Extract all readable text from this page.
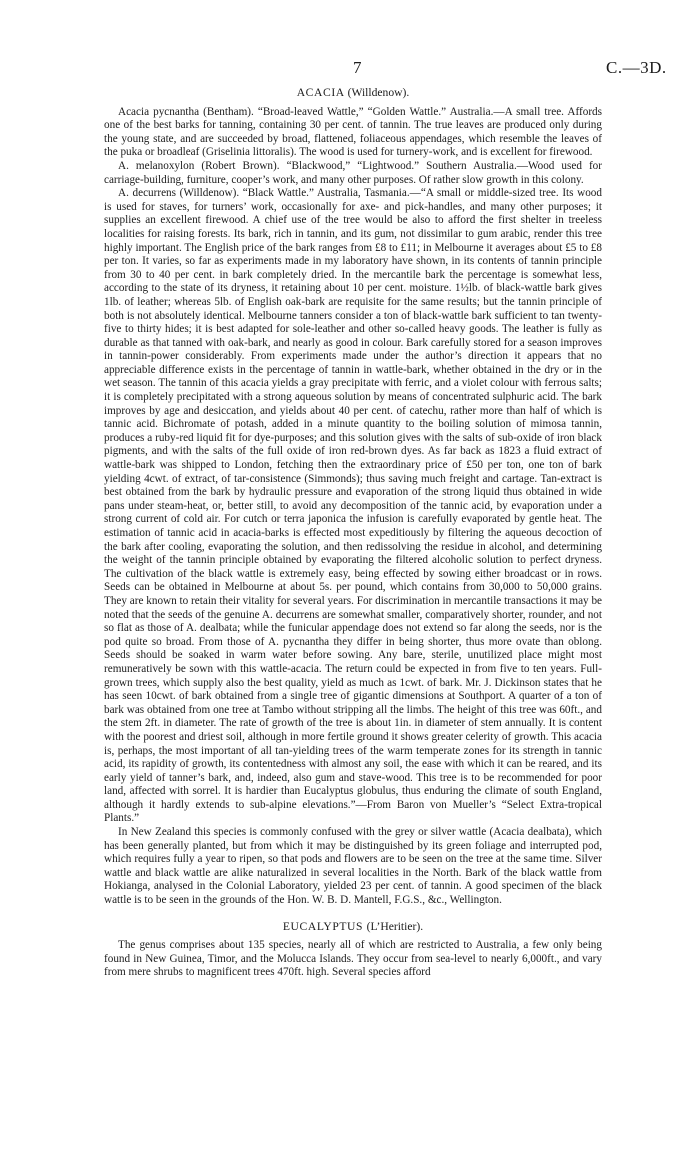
7	C.—3D.
ACACIA (Willdenow).

Acacia pycnantha (Bentham). “Broad-leaved Wattle,” “Golden Wattle.” Australia.—A small tree. Affords one of the best barks for tanning, containing 30 per cent. of tannin. The true leaves are produced only during the young state, and are succeeded by broad, flattened, foliaceous appendages, which resemble the leaves of the puka or broadleaf (Griselinia littoralis). The wood is used for turnery-work, and is excellent for firewood.

A. melanoxylon (Robert Brown). “Blackwood,” “Lightwood.” Southern Australia.—Wood used for carriage-building, furniture, cooper’s work, and many other purposes. Of rather slow growth in this colony.

A. decurrens (Willdenow). “Black Wattle.” Australia, Tasmania.—“A small or middle-sized tree. Its wood is used for staves, for turners’ work, occasionally for axe- and pick-handles, and many other purposes; it supplies an excellent firewood. A chief use of the tree would be also to afford the first shelter in treeless localities for raising forests. Its bark, rich in tannin, and its gum, not dissimilar to gum arabic, render this tree highly important. The English price of the bark ranges from £8 to £11; in Melbourne it averages about £5 to £8 per ton. It varies, so far as experiments made in my laboratory have shown, in its contents of tannin principle from 30 to 40 per cent. in bark completely dried. In the mercantile bark the percentage is somewhat less, according to the state of its dryness, it retaining about 10 per cent. moisture. 1½lb. of black-wattle bark gives 1lb. of leather; whereas 5lb. of English oak-bark are requisite for the same results; but the tannin principle of both is not absolutely identical. Melbourne tanners consider a ton of black-wattle bark sufficient to tan twenty-five to thirty hides; it is best adapted for sole-leather and other so-called heavy goods. The leather is fully as durable as that tanned with oak-bark, and nearly as good in colour. Bark carefully stored for a season improves in tannin-power considerably. From experiments made under the author’s direction it appears that no appreciable difference exists in the percentage of tannin in wattle-bark, whether obtained in the dry or in the wet season. The tannin of this acacia yields a gray precipitate with ferric, and a violet colour with ferrous salts; it is completely precipitated with a strong aqueous solution by means of concentrated sulphuric acid. The bark improves by age and desiccation, and yields about 40 per cent. of catechu, rather more than half of which is tannic acid. Bichromate of potash, added in a minute quantity to the boiling solution of mimosa tannin, produces a ruby-red liquid fit for dye-purposes; and this solution gives with the salts of sub-oxide of iron black pigments, and with the salts of the full oxide of iron red-brown dyes. As far back as 1823 a fluid extract of wattle-bark was shipped to London, fetching then the extraordinary price of £50 per ton, one ton of bark yielding 4cwt. of extract, of tar-consistence (Simmonds); thus saving much freight and cartage. Tan-extract is best obtained from the bark by hydraulic pressure and evaporation of the strong liquid thus obtained in wide pans under steam-heat, or, better still, to avoid any decomposition of the tannic acid, by evaporation under a strong current of cold air. For cutch or terra japonica the infusion is carefully evaporated by gentle heat. The estimation of tannic acid in acacia-barks is effected most expeditiously by filtering the aqueous decoction of the bark after cooling, evaporating the solution, and then redissolving the residue in alcohol, and determining the weight of the tannin principle obtained by evaporating the filtered alcoholic solution to perfect dryness. The cultivation of the black wattle is extremely easy, being effected by sowing either broadcast or in rows. Seeds can be obtained in Melbourne at about 5s. per pound, which contains from 30,000 to 50,000 grains. They are known to retain their vitality for several years. For discrimination in mercantile transactions it may be noted that the seeds of the genuine A. decurrens are somewhat smaller, comparatively shorter, rounder, and not so flat as those of A. dealbata; while the funicular appendage does not extend so far along the seeds, nor is the pod quite so broad. From those of A. pycnantha they differ in being shorter, thus more ovate than oblong. Seeds should be soaked in warm water before sowing. Any bare, sterile, unutilized place might most remuneratively be sown with this wattle-acacia. The return could be expected in from five to ten years. Full-grown trees, which supply also the best quality, yield as much as 1cwt. of bark. Mr. J. Dickinson states that he has seen 10cwt. of bark obtained from a single tree of gigantic dimensions at Southport. A quarter of a ton of bark was obtained from one tree at Tambo without stripping all the limbs. The height of this tree was 60ft., and the stem 2ft. in diameter. The rate of growth of the tree is about 1in. in diameter of stem annually. It is content with the poorest and driest soil, although in more fertile ground it shows greater celerity of growth. This acacia is, perhaps, the most important of all tan-yielding trees of the warm temperate zones for its strength in tannic acid, its rapidity of growth, its contentedness with almost any soil, the ease with which it can be reared, and its early yield of tanner’s bark, and, indeed, also gum and stave-wood. This tree is to be recommended for poor land, affected with sorrel. It is hardier than Eucalyptus globulus, thus enduring the climate of south England, although it hardly extends to sub-alpine elevations.”—From Baron von Mueller’s “Select Extra-tropical Plants.”

In New Zealand this species is commonly confused with the grey or silver wattle (Acacia dealbata), which has been generally planted, but from which it may be distinguished by its green foliage and interrupted pod, which requires fully a year to ripen, so that pods and flowers are to be seen on the tree at the same time. Silver wattle and black wattle are alike naturalized in several localities in the North. Bark of the black wattle from Hokianga, analysed in the Colonial Laboratory, yielded 23 per cent. of tannin. A good specimen of the black wattle is to be seen in the grounds of the Hon. W. B. D. Mantell, F.G.S., &c., Wellington.

EUCALYPTUS (L’Heritier).

The genus comprises about 135 species, nearly all of which are restricted to Australia, a few only being found in New Guinea, Timor, and the Molucca Islands. They occur from sea-level to nearly 6,000ft., and vary from mere shrubs to magnificent trees 470ft. high. Several species afford
